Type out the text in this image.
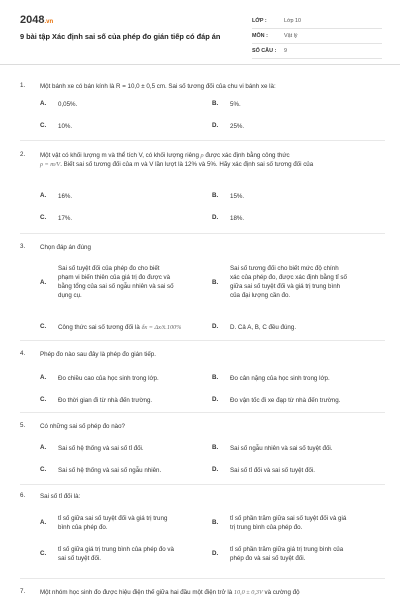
2048.vn
9 bài tập Xác định sai số của phép đo gián tiếp có đáp án
LỚP :	Lớp 10
MÔN :	Vật lý
SỐ CÂU :	9
1. Một bánh xe có bán kính là R = 10,0 ± 0,5 cm. Sai số tương đối của chu vi bánh xe là:
A. 0,05%.	B. 5%.
C. 10%.	D. 25%.
2. Một vật có khối lượng m và thể tích V, có khối lượng riêng ρ được xác định bằng công thức
ρ = m/V. Biết sai số tương đối của m và V lần lượt là 12% và 5%. Hãy xác định sai số tương đối của
A. 16%.	B. 15%.
C. 17%.	D. 18%.
3. Chọn đáp án đúng
A.
Sai số tuyệt đối của phép đo cho biết
phạm vi biến thiên của giá trị đo được và
bằng tổng của sai số ngẫu nhiên và sai số
dụng cụ.
B.
Sai số tương đối cho biết mức độ chính
xác của phép đo, được xác định bằng tỉ số
giữa sai số tuyệt đối và giá trị trung bình
của đại lượng cần đo.
C. Công thức sai số tương đối là δx = Δx/x̄.100%	D. D. Cả A, B, C đều đúng.
4. Phép đo nào sau đây là phép đo gián tiếp.
A. Đo chiều cao của học sinh trong lớp.	B. Đo cân nặng của học sinh trong lớp.
C. Đo thời gian đi từ nhà đến trường.	D. Đo vận tốc đi xe đạp từ nhà đến trường.
5. Có những sai số phép đo nào?
A. Sai số hệ thống và sai số tỉ đối.	B. Sai số ngẫu nhiên và sai số tuyệt đối.
C. Sai số hệ thống và sai số ngẫu nhiên.	D. Sai số tỉ đối và sai số tuyệt đối.
6. Sai số tỉ đối là:
A.
tỉ số giữa sai số tuyệt đối và giá trị trung
bình của phép đo.
B.
tỉ số phần trăm giữa sai số tuyệt đối và giá
trị trung bình của phép đo.
C.
tỉ số giữa giá trị trung bình của phép đo và
sai số tuyệt đối.
D.
tỉ số phần trăm giữa giá trị trung bình của
phép đo và sai số tuyệt đối.
7. Một nhóm học sinh đo được hiệu điện thế giữa hai đầu một điện trở là 10,0 ± 0,3V và cường độ
